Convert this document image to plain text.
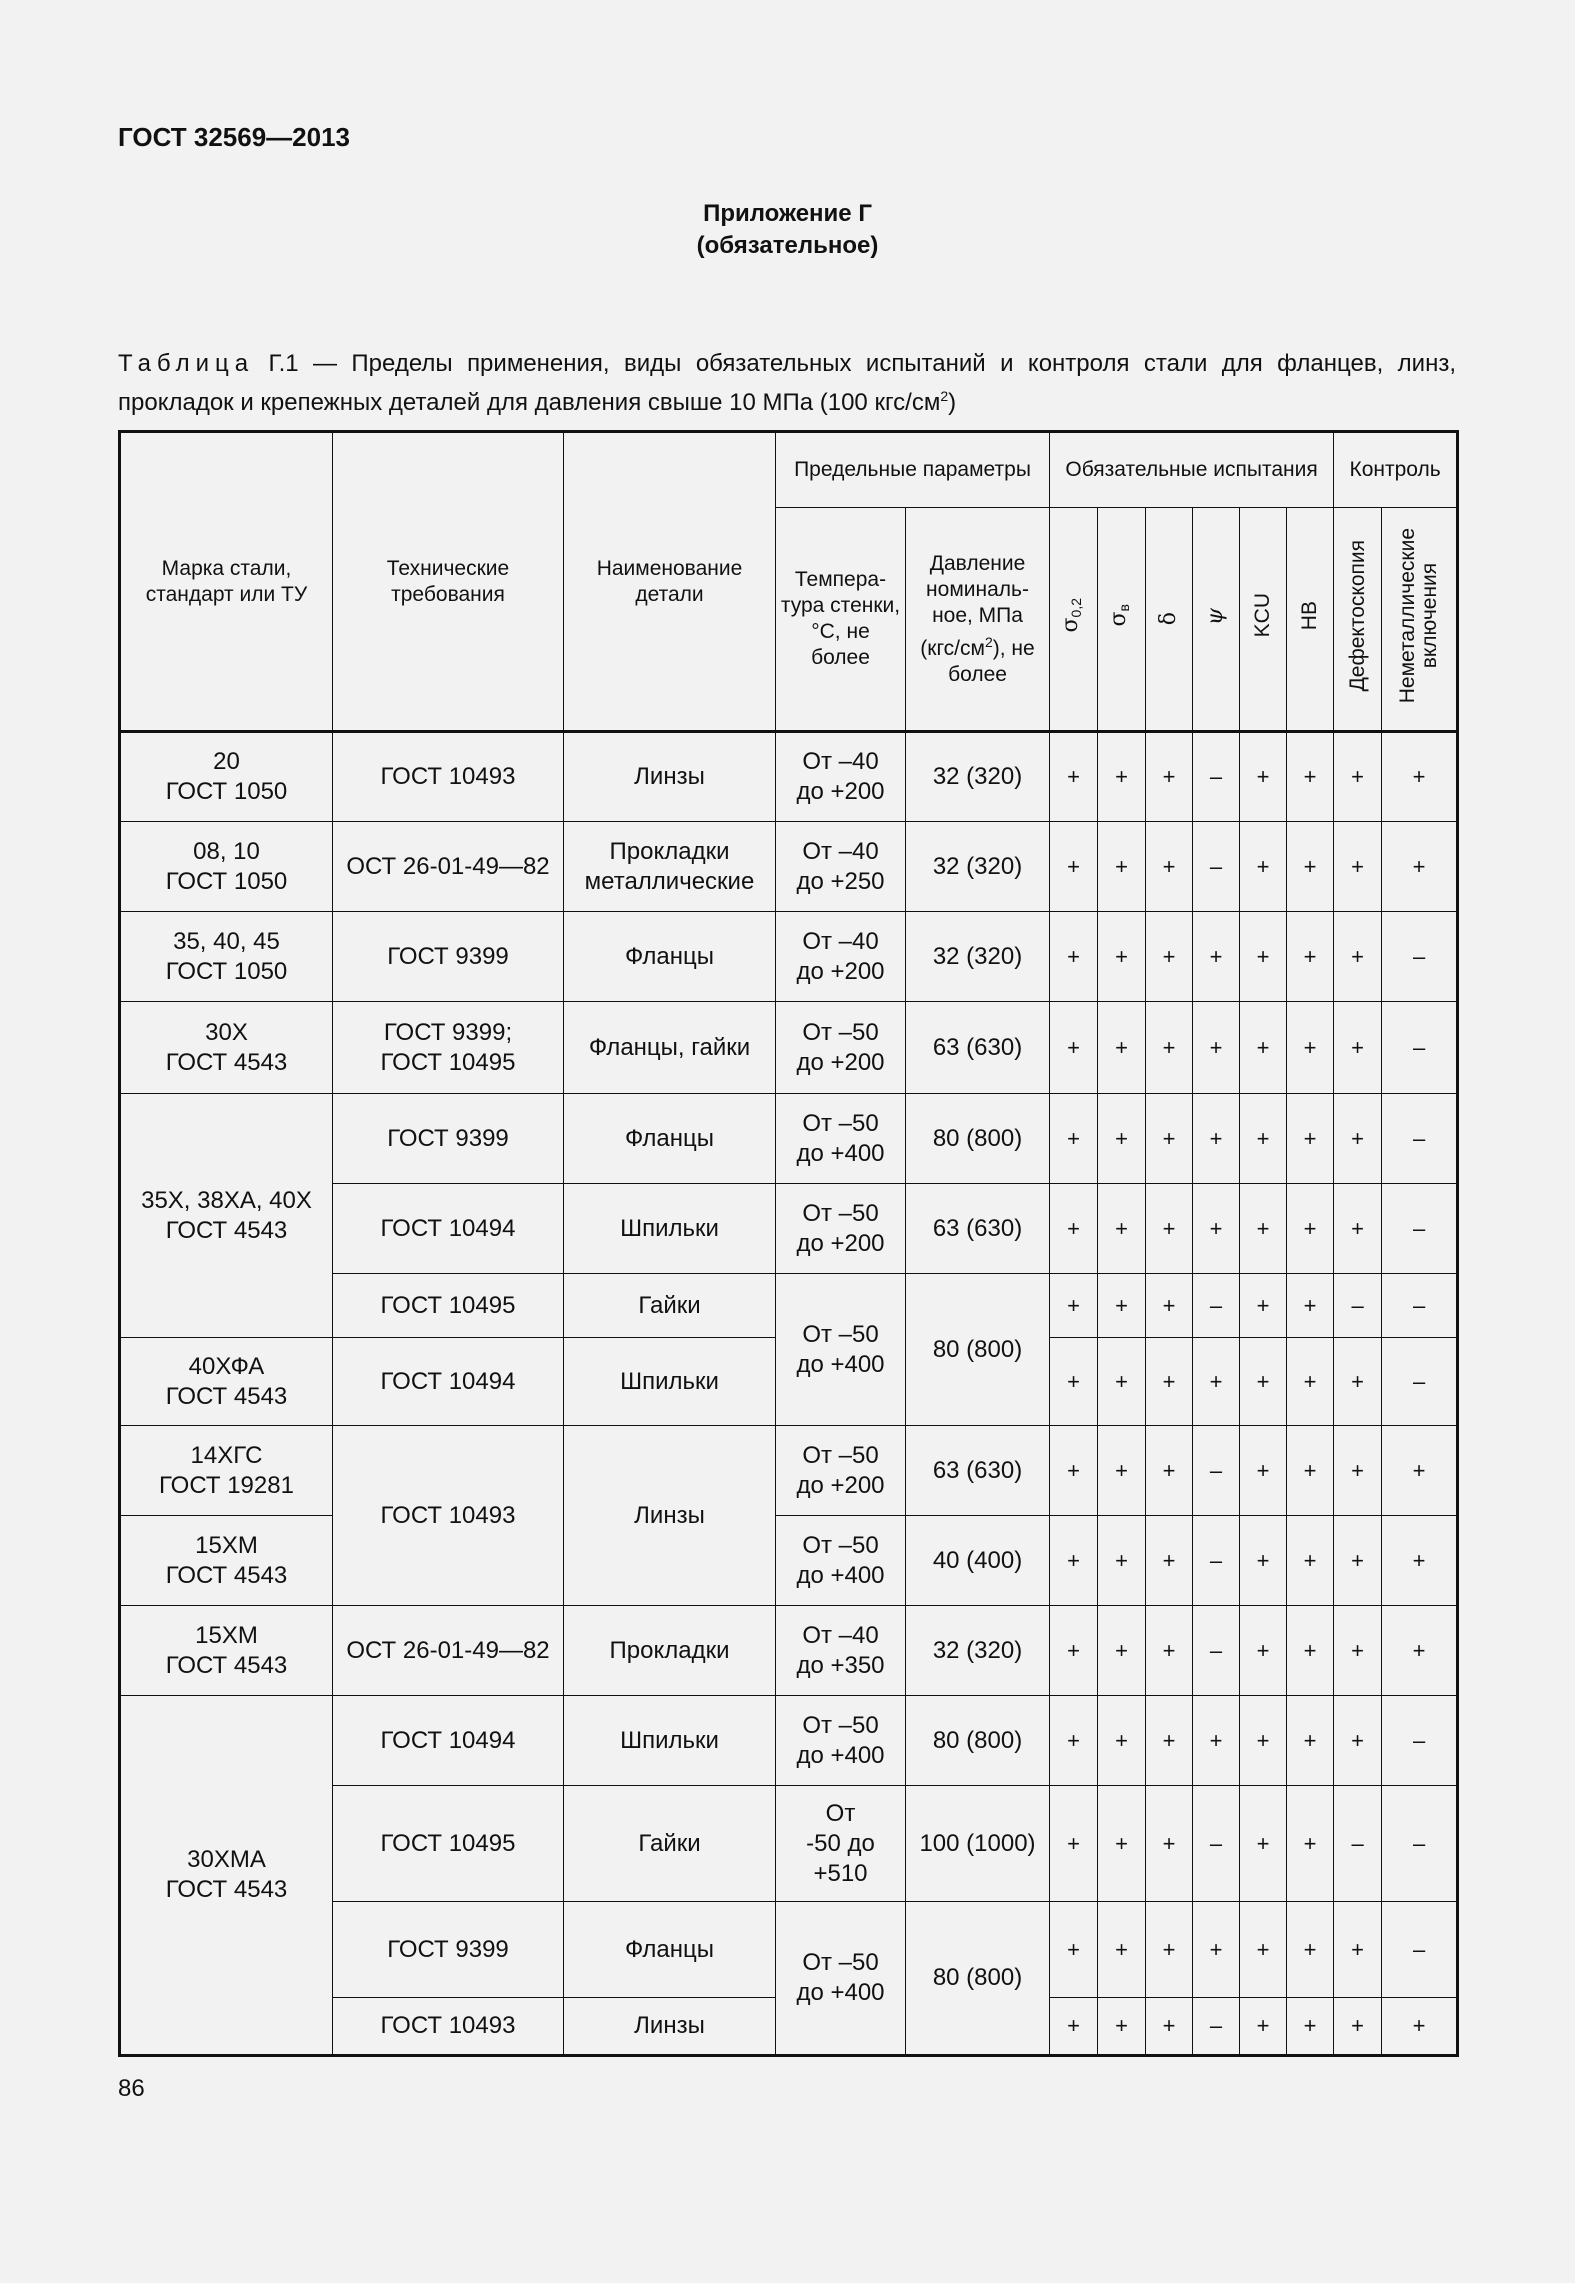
ГОСТ 32569—2013
Приложение Г
(обязательное)
Таблица Г.1 — Пределы применения, виды обязательных испытаний и контроля стали для фланцев, линз, прокладок и крепежных деталей для давления свыше 10 МПа (100 кгс/$см^2$)
Марка стали, стандарт или ТУ	Технические требования	Наименование детали	Предельные параметры		Обязательные испытания						Контроль	
			Темпера-тура стенки, °С, не более	Давление номиналь-ное, МПа $(кгс/см^2)$, не более	$\sigma_{0,2}$	$\sigma_в$	δ	ψ	KCU	HB	Дефектоскопия	Неметаллические
включения

20
ГОСТ 1050	ГОСТ 10493	Линзы	От –40
до +200	32 (320)	+	+	+	–	+	+	+	+

08, 10
ГОСТ 1050	ОСТ 26-01-49—82	Прокладки
металлические	От –40
до +250	32 (320)	+	+	+	–	+	+	+	+

35, 40, 45
ГОСТ 1050	ГОСТ 9399	Фланцы	От –40
до +200	32 (320)	+	+	+	+	+	+	+	–

30Х
ГОСТ 4543	ГОСТ 9399;
ГОСТ 10495	Фланцы, гайки	От –50
до +200	63 (630)	+	+	+	+	+	+	+	–

35Х, 38ХА, 40Х
ГОСТ 4543	ГОСТ 9399	Фланцы	От –50
до +400	80 (800)	+	+	+	+	+	+	+	–

	ГОСТ 10494	Шпильки	От –50
до +200	63 (630)	+	+	+	+	+	+	+	–

	ГОСТ 10495	Гайки	От –50
до +400	80 (800)	+	+	+	–	+	+	–	–

40ХФА
ГОСТ 4543	ГОСТ 10494	Шпильки			+	+	+	+	+	+	+	–

14ХГС
ГОСТ 19281	ГОСТ 10493	Линзы	От –50
до +200	63 (630)	+	+	+	–	+	+	+	+

15ХМ
ГОСТ 4543			От –50
до +400	40 (400)	+	+	+	–	+	+	+	+

15ХМ
ГОСТ 4543	ОСТ 26-01-49—82	Прокладки	От –40
до +350	32 (320)	+	+	+	–	+	+	+	+

30ХМА
ГОСТ 4543	ГОСТ 10494	Шпильки	От –50
до +400	80 (800)	+	+	+	+	+	+	+	–

	ГОСТ 10495	Гайки	От
-50 до
+510	100 (1000)	+	+	+	–	+	+	–	–

	ГОСТ 9399	Фланцы	От –50
до +400	80 (800)	+	+	+	+	+	+	+	–

	ГОСТ 10493	Линзы			+	+	+	–	+	+	+	+
86
